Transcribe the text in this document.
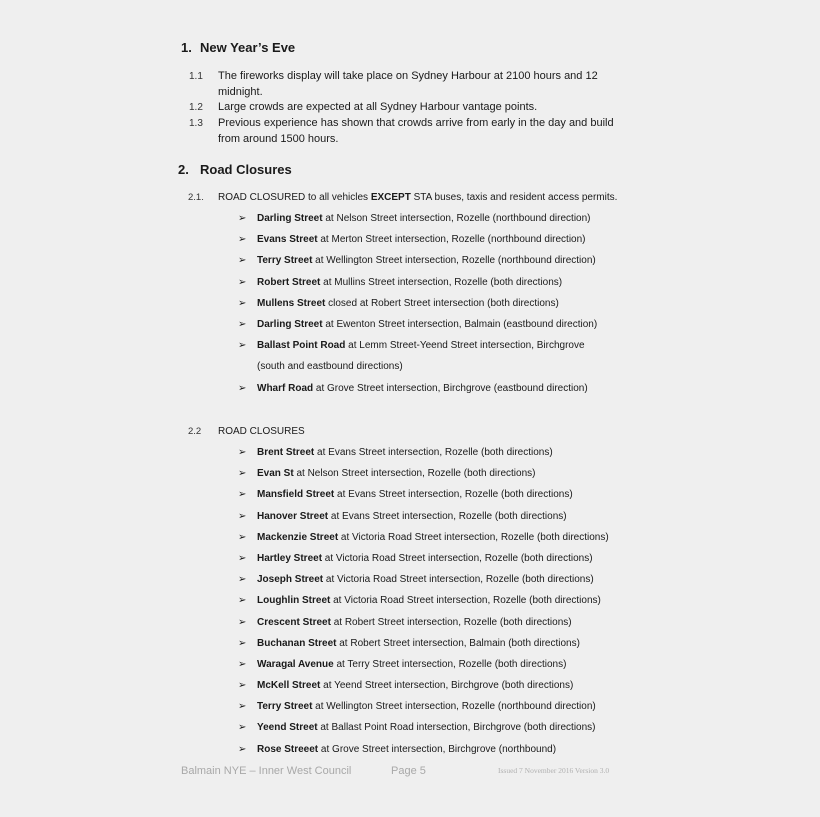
1. New Year’s Eve
1.1	The fireworks display will take place on Sydney Harbour at 2100 hours and 12
midnight.
1.2	Large crowds are expected at all Sydney Harbour vantage points.
1.3	Previous experience has shown that crowds arrive from early in the day and build
from around 1500 hours.
2. Road Closures
2.1. ROAD CLOSURED to all vehicles EXCEPT STA buses, taxis and resident access permits.
➢	Darling Street at Nelson Street intersection, Rozelle (northbound direction)
➢	Evans Street at Merton Street intersection, Rozelle (northbound direction)
➢	Terry Street at Wellington Street intersection, Rozelle (northbound direction)
➢	Robert Street at Mullins Street intersection, Rozelle (both directions)
➢	Mullens Street closed at Robert Street intersection (both directions)
➢	Darling Street at Ewenton Street intersection, Balmain (eastbound direction)
➢	Ballast Point Road at Lemm Street-Yeend Street intersection, Birchgrove
(south and eastbound directions)
➢	Wharf Road at Grove Street intersection, Birchgrove (eastbound direction)
2.2 ROAD CLOSURES
➢	Brent Street at Evans Street intersection, Rozelle (both directions)
➢	Evan St at Nelson Street intersection, Rozelle (both directions)
➢	Mansfield Street at Evans Street intersection, Rozelle (both directions)
➢	Hanover Street at Evans Street intersection, Rozelle (both directions)
➢	Mackenzie Street at Victoria Road Street intersection, Rozelle (both directions)
➢	Hartley Street at Victoria Road Street intersection, Rozelle (both directions)
➢	Joseph Street at Victoria Road Street intersection, Rozelle (both directions)
➢	Loughlin Street at Victoria Road Street intersection, Rozelle (both directions)
➢	Crescent Street at Robert Street intersection, Rozelle (both directions)
➢	Buchanan Street at Robert Street intersection, Balmain (both directions)
➢	Waragal Avenue at Terry Street intersection, Rozelle (both directions)
➢	McKell Street at Yeend Street intersection, Birchgrove (both directions)
➢	Terry Street at Wellington Street intersection, Rozelle (northbound direction)
➢	Yeend Street at Ballast Point Road intersection, Birchgrove (both directions)
➢	Rose Streeet at Grove Street intersection, Birchgrove (northbound)
Balmain NYE – Inner West Council	Page 5	Issued 7 November 2016 Version 3.0
